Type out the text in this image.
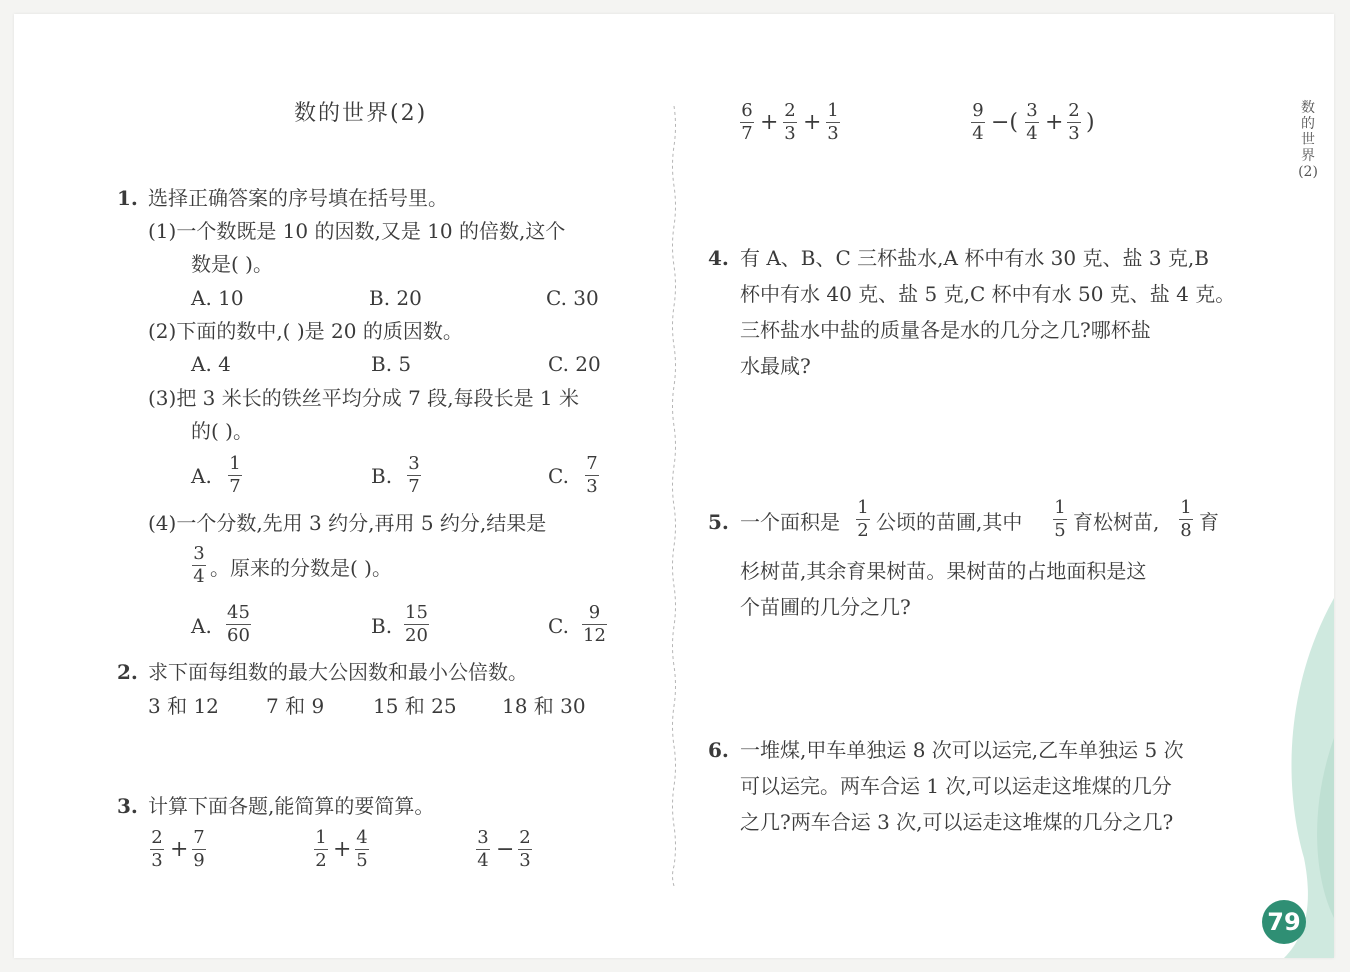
数的世界(2)
1. 选择正确答案的序号填在括号里。
(1)一个数既是 10 的因数,又是 10 的倍数,这个
数是( )。
A. 10	B. 20	C. 30
(2)下面的数中,( )是 20 的质因数。
A. 4	B. 5	C. 20
(3)把 3 米长的铁丝平均分成 7 段,每段长是 1 米
的( )。
A.
1
7	B.
3
7	C.
7
3
(4)一个分数,先用 3 约分,再用 5 约分,结果是
3
4 。原来的分数是( )。
A.
45
60	B.
15
20	C.
9
12
2. 求下面每组数的最大公因数和最小公倍数。
3 和 12 7 和 9 15 和 25 18 和 30
3. 计算下面各题,能简算的要简算。
2
3 + 7
9
1
2 + 4
5
3
4 − 2
3
6
7 + 2
3 + 1
3
9
4 −( 3
4 + 2
3 )
4. 有 A、B、C 三杯盐水,A 杯中有水 30 克、盐 3 克,B
杯中有水 40 克、盐 5 克,C 杯中有水 50 克、盐 4 克。
三杯盐水中盐的质量各是水的几分之几?哪杯盐
水最咸?
5. 一个面积是
1
2 公顷的苗圃,其中
1
5 育松树苗,
1
8 育
杉树苗,其余育果树苗。果树苗的占地面积是这
个苗圃的几分之几?
6. 一堆煤,甲车单独运 8 次可以运完,乙车单独运 5 次
可以运完。两车合运 1 次,可以运走这堆煤的几分
之几?两车合运 3 次,可以运走这堆煤的几分之几?
数的世界(2)
79
